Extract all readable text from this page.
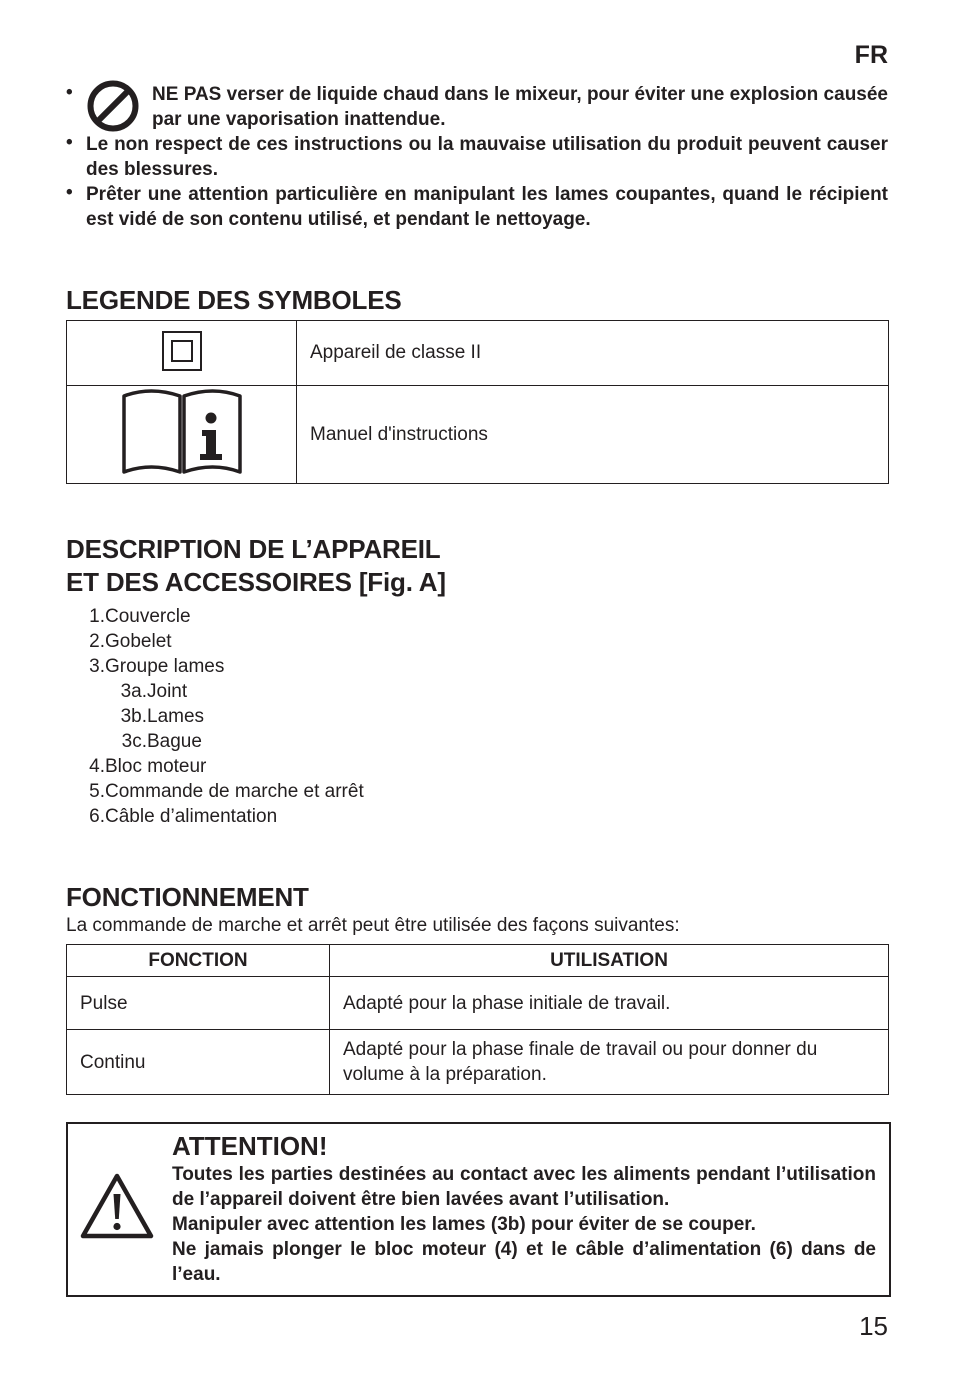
FR
•	NE PAS verser de liquide chaud dans le mixeur, pour éviter une explosion causée par une vaporisation inattendue.
• Le non respect de ces instructions ou la mauvaise utilisation du produit peuvent causer des blessures.
• Prêter une attention particulière en manipulant les lames coupantes, quand le récipient est vidé de son contenu utilisé, et pendant le nettoyage.
LEGENDE DES SYMBOLES
	Appareil de classe II
	Manuel d'instructions
DESCRIPTION DE L’APPAREIL
ET DES ACCESSOIRES [Fig. A]
1. Couvercle
2. Gobelet
3. Groupe lames
3a. Joint
3b. Lames
3c. Bague
4. Bloc moteur
5. Commande de marche et arrêt
6. Câble d’alimentation
FONCTIONNEMENT
La commande de marche et arrêt peut être utilisée des façons suivantes:
FONCTION	UTILISATION
Pulse	Adapté pour la phase initiale de travail.
Continu	Adapté pour la phase finale de travail ou pour donner du volume à la préparation.
ATTENTION!
Toutes les parties destinées au contact avec les aliments pendant l’utilisation de l’appareil doivent être bien lavées avant l’utilisation.
Manipuler avec attention les lames (3b) pour éviter de se couper.
Ne jamais plonger le bloc moteur (4) et le câble d’alimentation (6) dans de l’eau.
15
